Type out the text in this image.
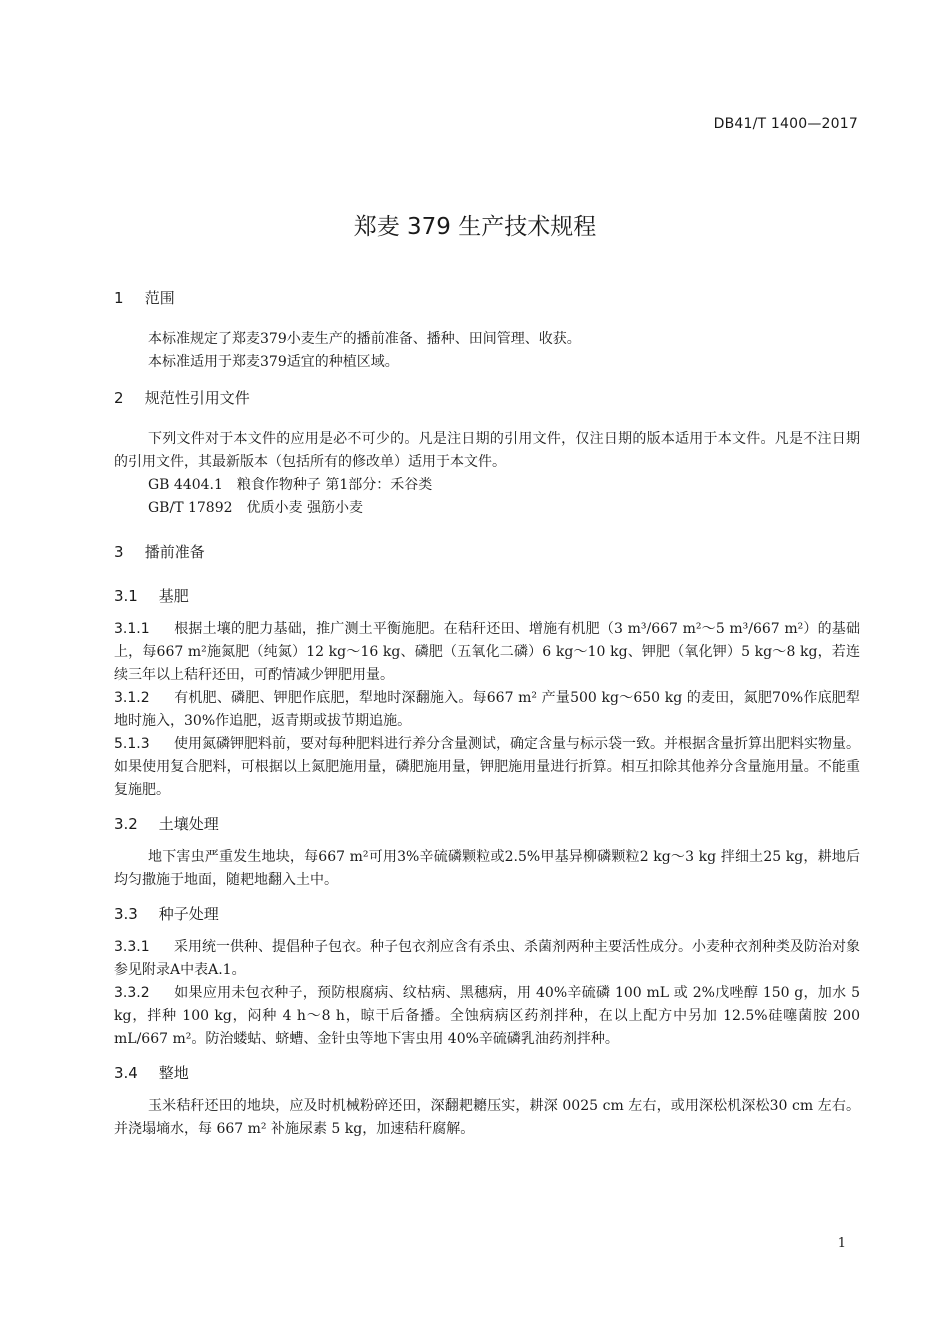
DB41/T 1400—2017
郑麦 379 生产技术规程
1 范围
本标准规定了郑麦379小麦生产的播前准备、播种、田间管理、收获。
本标准适用于郑麦379适宜的种植区域。
2 规范性引用文件
下列文件对于本文件的应用是必不可少的。凡是注日期的引用文件，仅注日期的版本适用于本文件。凡是不注日期的引用文件，其最新版本（包括所有的修改单）适用于本文件。
GB 4404.1　粮食作物种子 第1部分：禾谷类
GB/T 17892　优质小麦 强筋小麦
3 播前准备
3.1 基肥
3.1.1 根据土壤的肥力基础，推广测土平衡施肥。在秸秆还田、增施有机肥（3 m³/667 m²～5 m³/667 m²）的基础上，每667 m²施氮肥（纯氮）12 kg～16 kg、磷肥（五氧化二磷）6 kg～10 kg、钾肥（氧化钾）5 kg～8 kg，若连续三年以上秸秆还田，可酌情减少钾肥用量。
3.1.2 有机肥、磷肥、钾肥作底肥，犁地时深翻施入。每667 m² 产量500 kg～650 kg 的麦田，氮肥70%作底肥犁地时施入，30%作追肥，返青期或拔节期追施。
5.1.3 使用氮磷钾肥料前，要对每种肥料进行养分含量测试，确定含量与标示袋一致。并根据含量折算出肥料实物量。如果使用复合肥料，可根据以上氮肥施用量，磷肥施用量，钾肥施用量进行折算。相互扣除其他养分含量施用量。不能重复施肥。
3.2 土壤处理
地下害虫严重发生地块，每667 m²可用3%辛硫磷颗粒或2.5%甲基异柳磷颗粒2 kg～3 kg 拌细土25 kg，耕地后均匀撒施于地面，随耙地翻入土中。
3.3 种子处理
3.3.1 采用统一供种、提倡种子包衣。种子包衣剂应含有杀虫、杀菌剂两种主要活性成分。小麦种衣剂种类及防治对象参见附录A中表A.1。
3.3.2 如果应用未包衣种子，预防根腐病、纹枯病、黑穗病，用 40%辛硫磷 100 mL 或 2%戊唑醇 150 g，加水 5 kg，拌种 100 kg，闷种 4 h～8 h，晾干后备播。全蚀病病区药剂拌种，在以上配方中另加 12.5%硅噻菌胺 200 mL/667 m²。防治蝼蛄、蛴螬、金针虫等地下害虫用 40%辛硫磷乳油药剂拌种。
3.4 整地
玉米秸秆还田的地块，应及时机械粉碎还田，深翻耙耱压实，耕深 0025 cm 左右，或用深松机深松30 cm 左右。并浇塌墒水，每 667 m² 补施尿素 5 kg，加速秸秆腐解。
1
